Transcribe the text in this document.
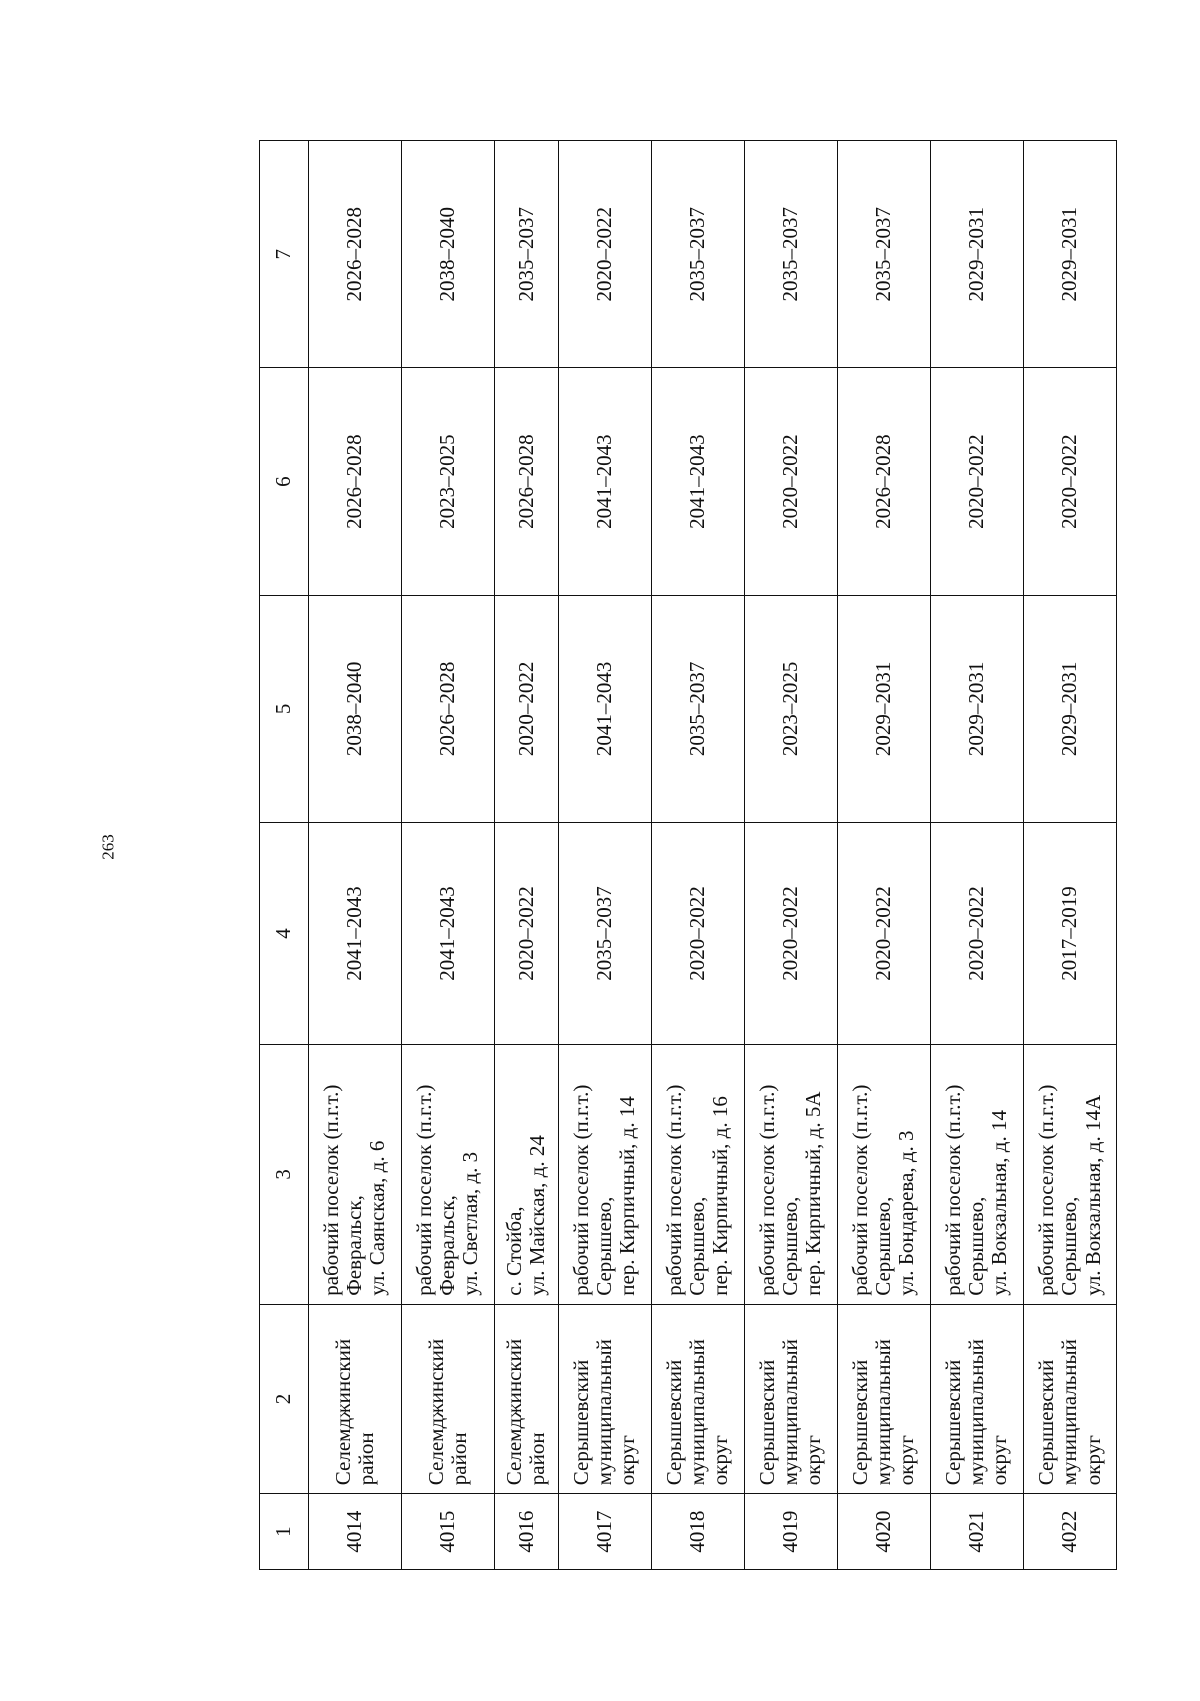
263
1	2	3	4	5	6	7
4014	Селемджинский район	рабочий поселок (п.г.т.) Февральск, ул. Саянская, д. 6	2041–2043	2038–2040	2026–2028	2026–2028
4015	Селемджинский район	рабочий поселок (п.г.т.) Февральск, ул. Светлая, д. 3	2041–2043	2026–2028	2023–2025	2038–2040
4016	Селемджинский район	с. Стойба, ул. Майская, д. 24	2020–2022	2020–2022	2026–2028	2035–2037
4017	Серышевский муниципальный округ	рабочий поселок (п.г.т.) Серышево, пер. Кирпичный, д. 14	2035–2037	2041–2043	2041–2043	2020–2022
4018	Серышевский муниципальный округ	рабочий поселок (п.г.т.) Серышево, пер. Кирпичный, д. 16	2020–2022	2035–2037	2041–2043	2035–2037
4019	Серышевский муниципальный округ	рабочий поселок (п.г.т.) Серышево, пер. Кирпичный, д. 5А	2020–2022	2023–2025	2020–2022	2035–2037
4020	Серышевский муниципальный округ	рабочий поселок (п.г.т.) Серышево, ул. Бондарева, д. 3	2020–2022	2029–2031	2026–2028	2035–2037
4021	Серышевский муниципальный округ	рабочий поселок (п.г.т.) Серышево, ул. Вокзальная, д. 14	2020–2022	2029–2031	2020–2022	2029–2031
4022	Серышевский муниципальный округ	рабочий поселок (п.г.т.) Серышево, ул. Вокзальная, д. 14А	2017–2019	2029–2031	2020–2022	2029–2031
